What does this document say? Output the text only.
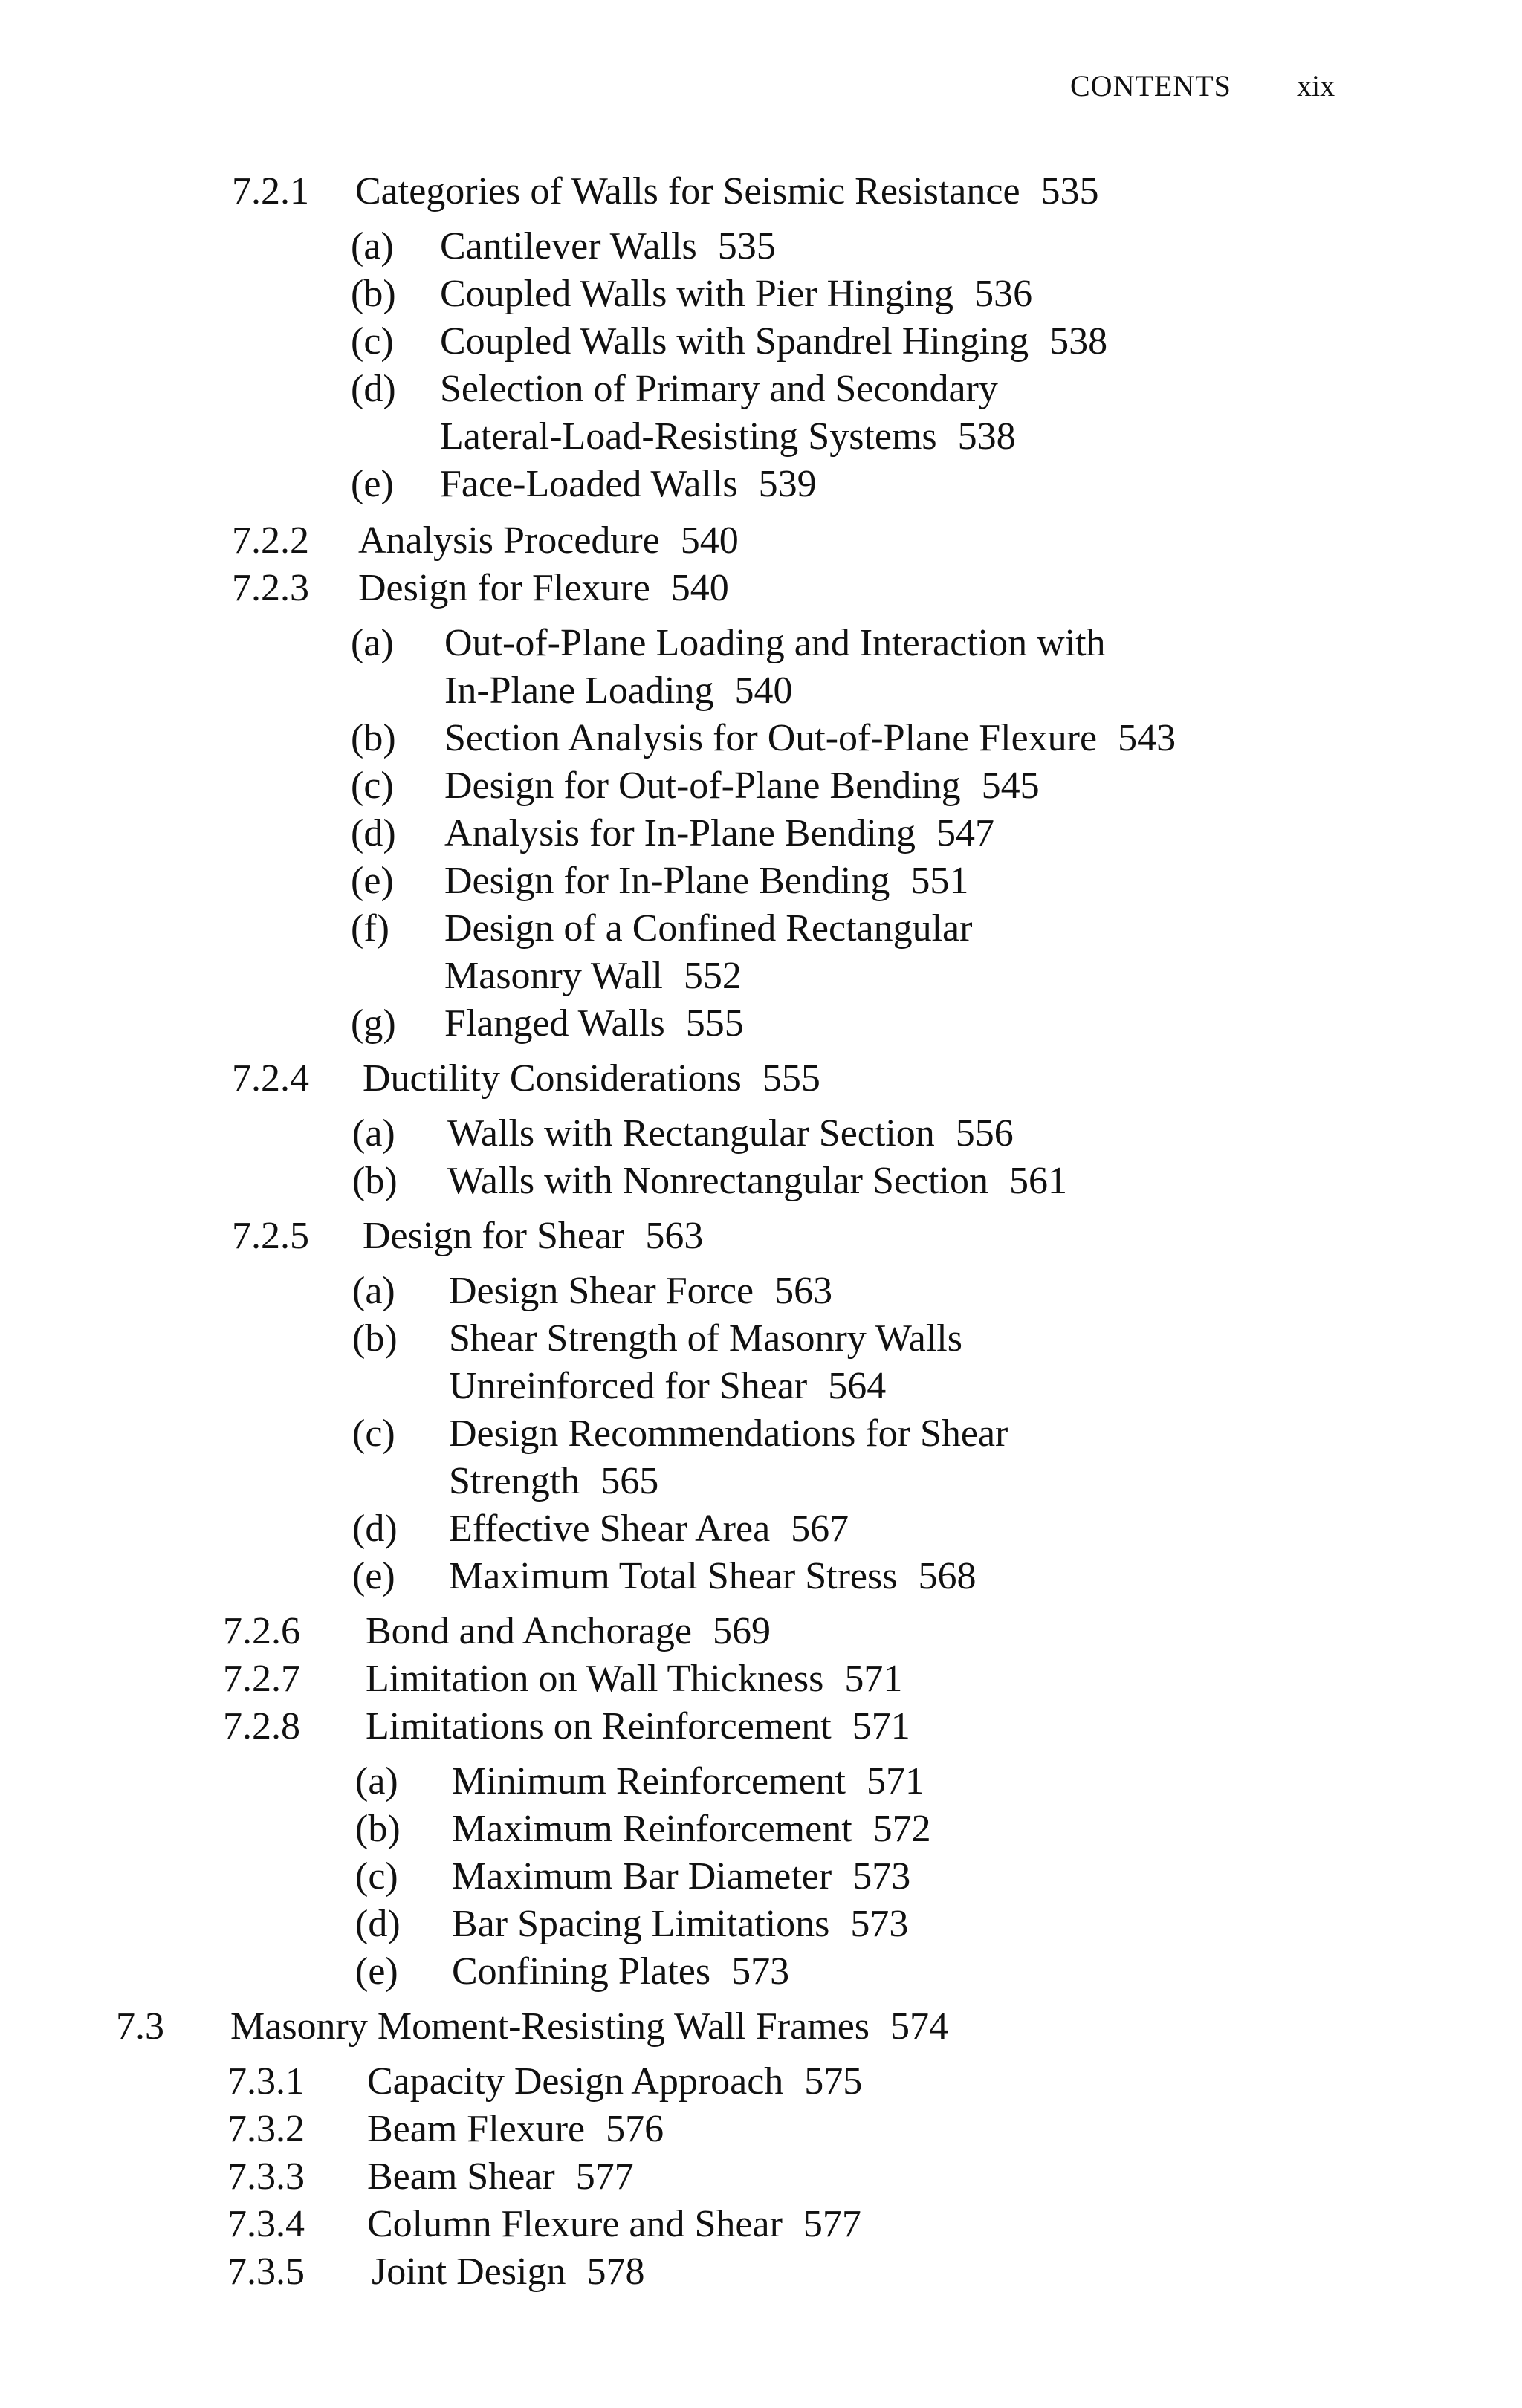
CONTENTS xix
7.2.1 Categories of Walls for Seismic Resistance 535
(a) Cantilever Walls 535
(b) Coupled Walls with Pier Hinging 536
(c) Coupled Walls with Spandrel Hinging 538
(d) Selection of Primary and Secondary
Lateral-Load-Resisting Systems 538
(e) Face-Loaded Walls 539
7.2.2 Analysis Procedure 540
7.2.3 Design for Flexure 540
(a) Out-of-Plane Loading and Interaction with
In-Plane Loading 540
(b) Section Analysis for Out-of-Plane Flexure 543
(c) Design for Out-of-Plane Bending 545
(d) Analysis for In-Plane Bending 547
(e) Design for In-Plane Bending 551
(f) Design of a Confined Rectangular
Masonry Wall 552
(g) Flanged Walls 555
7.2.4 Ductility Considerations 555
(a) Walls with Rectangular Section 556
(b) Walls with Nonrectangular Section 561
7.2.5 Design for Shear 563
(a) Design Shear Force 563
(b) Shear Strength of Masonry Walls
Unreinforced for Shear 564
(c) Design Recommendations for Shear
Strength 565
(d) Effective Shear Area 567
(e) Maximum Total Shear Stress 568
7.2.6 Bond and Anchorage 569
7.2.7 Limitation on Wall Thickness 571
7.2.8 Limitations on Reinforcement 571
(a) Minimum Reinforcement 571
(b) Maximum Reinforcement 572
(c) Maximum Bar Diameter 573
(d) Bar Spacing Limitations 573
(e) Confining Plates 573
7.3 Masonry Moment-Resisting Wall Frames 574
7.3.1 Capacity Design Approach 575
7.3.2 Beam Flexure 576
7.3.3 Beam Shear 577
7.3.4 Column Flexure and Shear 577
7.3.5 Joint Design 578
